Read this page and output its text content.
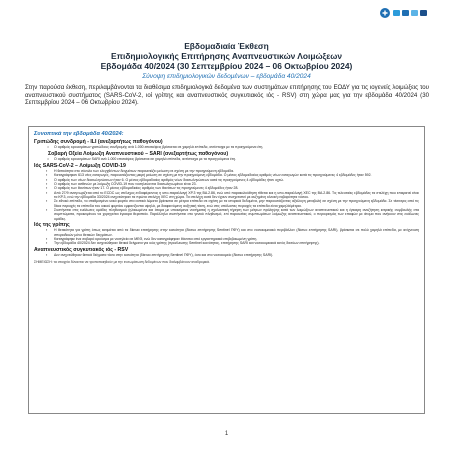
Εβδομαδιαία Έκθεση
Επιδημιολογικής Επιτήρησης Αναπνευστικών Λοιμώξεων
Εβδομάδα 40/2024 (30 Σεπτεμβρίου 2024 – 06 Οκτωβρίου 2024)
Σύνοψη επιδημιολογικών δεδομένων – εβδομάδα 40/2024
Στην παρούσα έκθεση, περιλαμβάνονται τα διαθέσιμα επιδημιολογικά δεδομένα των συστημάτων επιτήρησης του ΕΟΔΥ για τις ιογενείς λοιμώξεις του αναπνευστικού συστήματος (SARS-CoV-2, ιοί γρίπης και αναπνευστικός συγκυτιακός ιός - RSV) στη χώρα μας για την εβδομάδα 40/2024 (30 Σεπτεμβρίου 2024 – 06 Οκτωβρίου 2024).
Συνοπτικά την εβδομάδα 40/2024:
Γριπώδης συνδρομή - ILI (ανεξαρτήτως παθογόνου)
○ Ο αριθμός κρουσμάτων γριπώδους συνδρομής ανά 1.000 επισκέψεις βρίσκεται σε χαμηλά επίπεδα, αντίστοιχα με τα προηγούμενα έτη.
Σοβαρή Οξεία Λοίμωξη Αναπνευστικού – SARI (ανεξαρτήτως παθογόνου)
○ Ο αριθμός κρουσμάτων SARI ανά 1.000 επισκέψεις βρίσκεται σε χαμηλά επίπεδα, αντίστοιχα με τα προηγούμενα έτη.
Ιός SARS-CoV-2 – Λοίμωξη COVID-19
▪ Η θετικότητα στο σύνολο των ελεγχθέντων δειγμάτων παρουσιάζει μείωση σε σχέση με την προηγούμενη εβδομάδα.
▪ Καταγράφηκαν 613 νέες εισαγωγές, παρουσιάζοντας μικρή μείωση σε σχέση με την προηγούμενη εβδομάδα. Ο μέσος εβδομαδιαίος αριθμός νέων εισαγωγών κατά τις προηγούμενες 4 εβδομάδες ήταν 592.
▪ Ο αριθμός των νέων διασωληνώσεων ήταν 6. Ο μέσος εβδομαδιαίος αριθμός νέων διασωληνώσεων κατά τις προηγούμενες 4 εβδομάδες ήταν οχτώ.
▪ Ο αριθμός των ασθενών με λοίμωξη COVID-19 που νοσηλεύονται διασωληνωμένοι είναι 23.
▪ Ο αριθμός των θανάτων ήταν 17. Ο μέσος εβδομαδιαίος αριθμός των θανάτων τις προηγούμενες 4 εβδομάδες ήταν 28.
▪ Από 27/9 αναγνωρίζεται από το ECDC ως στέλεχος ενδιαφέροντος η υπο-παραλλαγή ΧΡ.3 της ΒΑ.2.86, ενώ υπό παρακολούθηση τίθεται και η υπο-παραλλαγή ΧΕC της ΒΑ.2.86. Τις τελευταίες εβδομάδες τα στελέχη που επικρατεί είναι τα ΚΡ.3, ενώ την εβδομάδα 33/2024 ανιχνεύτηκαν τα πρώτα στελέχη ΧΕC στη χώρα. Τα στελέχη αυτά δεν έχουν συσχετιστεί με αυξημένη κλινική σοβαρότητα νόσου.
▪ Σε εθνικό επίπεδο, το σταθμισμένο υιικό φορτίο στα αστικά λύματα βρίσκεται σε μέτρια επίπεδα σε σχέση με τα ιστορικά δεδομένα, μην παρουσιάζοντας αξιόλογη μεταβολή σε σχέση με την προηγούμενη εβδομάδα. Σε τέσσερις από τις δέκα περιοχές τα επίπεδα του υιικού φορτίου εμφανίζονται υψηλά, με διαφαινόμενη αυξητική τάση, ενώ στις υπόλοιπες περιοχές τα επίπεδα είναι χαμηλά/μέτρια.
▪ Συστήνεται στις ευάλωτες ομάδες πληθυσμού (ηλικιωμένοι και άτομα με υποκείμενα νοσήματα) η σχολαστική τήρηση των μέτρων πρόληψης κατά των λοιμώξεων αναπνευστικού και η έγκαιρη αναζήτηση ιατρικής συμβουλής στα συμπτώματα, προκειμένου να χορηγείται έγκαιρα θεραπεία. Παράλληλα συστήνεται στο γενικό πληθυσμό, επί παρουσίας συμπτωμάτων λοίμωξης αναπνευστικού, ο περιορισμός των επαφών με άτομα που ανήκουν στις ευάλωτες ομάδες.
Ιός της γρίπης
▪ Η θετικότητα για γρίπη όπως εκτιμάται από τα δίκτυα επιτήρησης στην κοινότητα (δίκτυο επιτήρησης Sentinel ΠΦΥ) και στο νοσοκομειακό περιβάλλον (δίκτυο επιτήρησης SARI), βρίσκεται σε πολύ χαμηλά επίπεδα, με ανίχνευση σποραδικών μόνο θετικών δειγμάτων.
▪ Καταγράφηκε ένα σοβαρό κρούσμα με νοσηλεία σε ΜΕΘ, ενώ δεν καταγράφηκαν θάνατοι από εργαστηριακά επιβεβαιωμένη γρίπη.
▪ Την εβδομάδα 40/2024 δεν ανιχνεύθηκαν θετικά δείγματα για ιούς γρίπης (προέλευσης Sentinel κοινότητας, επιτήρησης SARI και νοσοκομειακά εκτός δικτύων επιτήρησης).
Αναπνευστικός συγκυτιακός ιός - RSV
▪ Δεν ανιχνεύθηκαν θετικά δείγματα τόσο στην κοινότητα (δίκτυο επιτήρησης Sentinel ΠΦΥ), όσο και στο νοσοκομείο (δίκτυο επιτήρησης SARI).
ΣΗΜΕΙΩΣΗ: τα στοιχεία δύνανται να τροποποιηθούν με την ενσωμάτωση δεδομένων που διαλαμβάνουν αναδρομικά.
1
